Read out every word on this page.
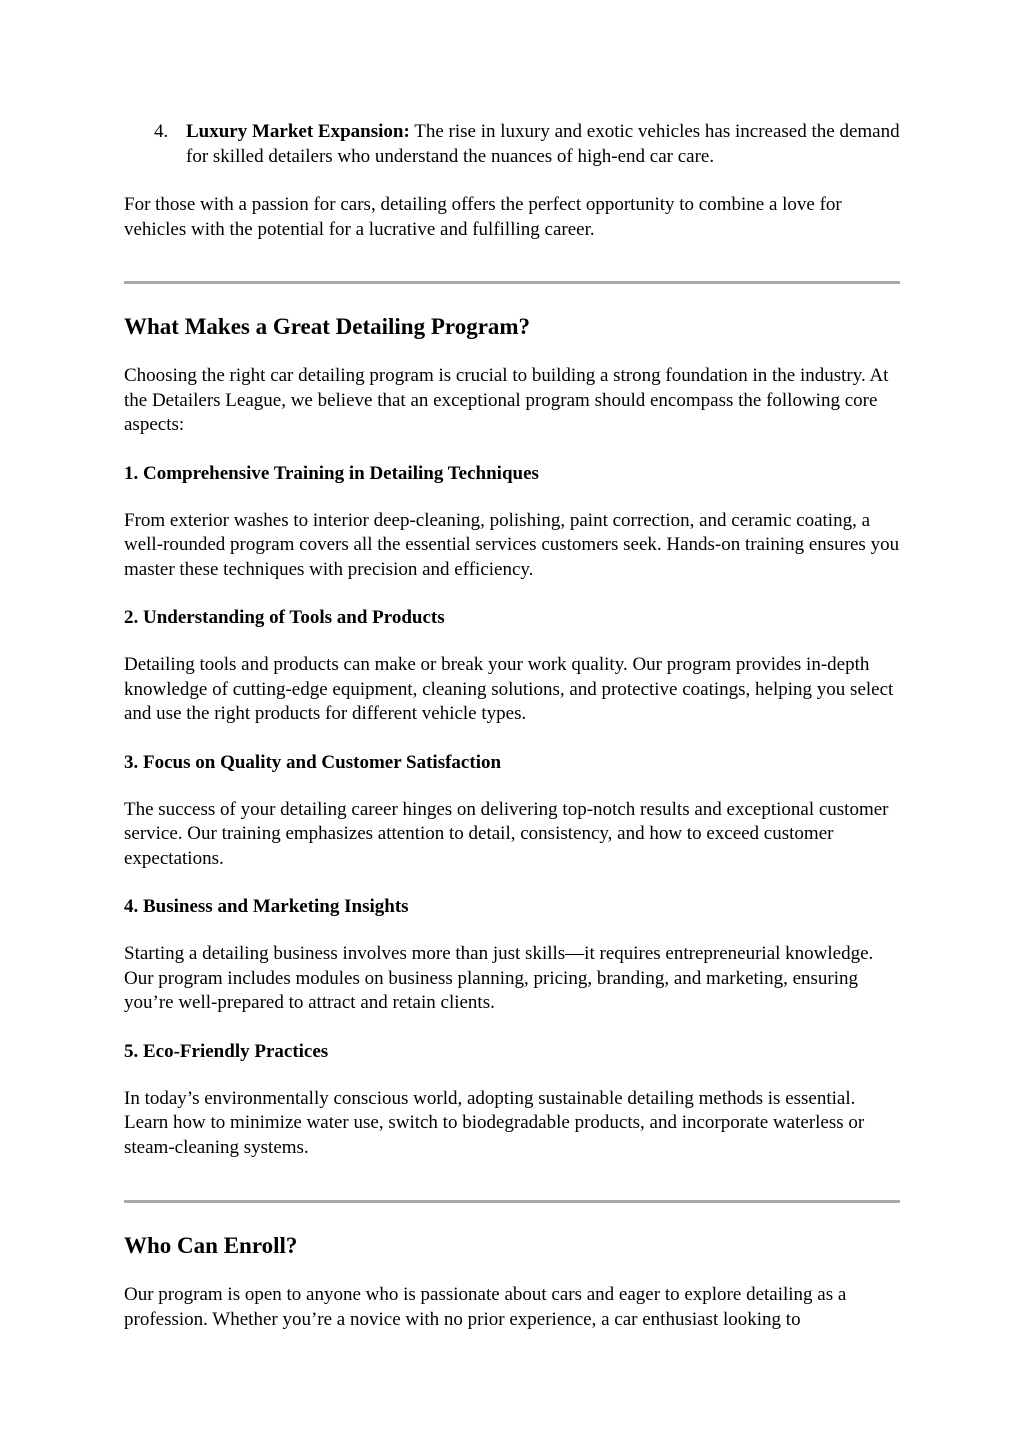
4. Luxury Market Expansion: The rise in luxury and exotic vehicles has increased the demand for skilled detailers who understand the nuances of high-end car care.

For those with a passion for cars, detailing offers the perfect opportunity to combine a love for vehicles with the potential for a lucrative and fulfilling career.

What Makes a Great Detailing Program?

Choosing the right car detailing program is crucial to building a strong foundation in the industry. At the Detailers League, we believe that an exceptional program should encompass the following core aspects:

1. Comprehensive Training in Detailing Techniques

From exterior washes to interior deep-cleaning, polishing, paint correction, and ceramic coating, a well-rounded program covers all the essential services customers seek. Hands-on training ensures you master these techniques with precision and efficiency.

2. Understanding of Tools and Products

Detailing tools and products can make or break your work quality. Our program provides in-depth knowledge of cutting-edge equipment, cleaning solutions, and protective coatings, helping you select and use the right products for different vehicle types.

3. Focus on Quality and Customer Satisfaction

The success of your detailing career hinges on delivering top-notch results and exceptional customer service. Our training emphasizes attention to detail, consistency, and how to exceed customer expectations.

4. Business and Marketing Insights

Starting a detailing business involves more than just skills—it requires entrepreneurial knowledge. Our program includes modules on business planning, pricing, branding, and marketing, ensuring you’re well-prepared to attract and retain clients.

5. Eco-Friendly Practices

In today’s environmentally conscious world, adopting sustainable detailing methods is essential. Learn how to minimize water use, switch to biodegradable products, and incorporate waterless or steam-cleaning systems.

Who Can Enroll?

Our program is open to anyone who is passionate about cars and eager to explore detailing as a profession. Whether you’re a novice with no prior experience, a car enthusiast looking to
